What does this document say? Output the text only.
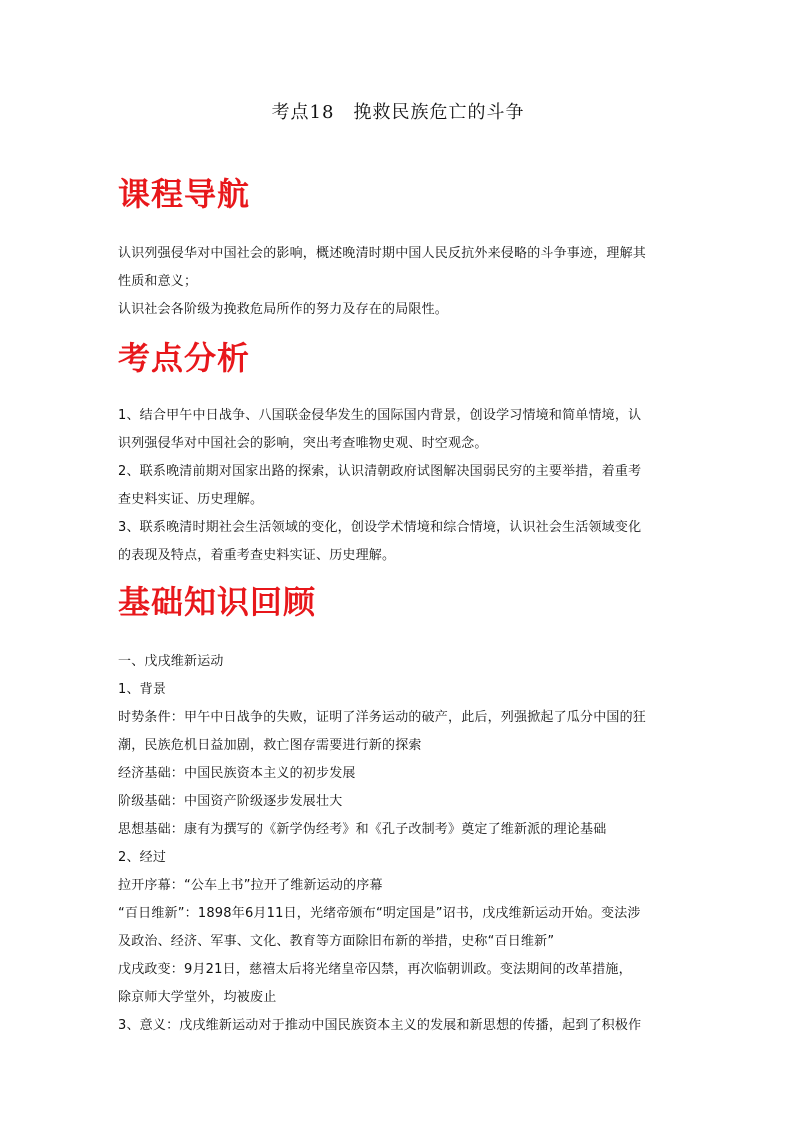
考点18　挽救民族危亡的斗争
课程导航
认识列强侵华对中国社会的影响，概述晚清时期中国人民反抗外来侵略的斗争事迹，理解其
性质和意义；
认识社会各阶级为挽救危局所作的努力及存在的局限性。
考点分析
1、结合甲午中日战争、八国联金侵华发生的国际国内背景，创设学习情境和简单情境，认
识列强侵华对中国社会的影响，突出考查唯物史观、时空观念。
2、联系晚清前期对国家出路的探索，认识清朝政府试图解决国弱民穷的主要举措，着重考
查史料实证、历史理解。
3、联系晚清时期社会生活领域的变化，创设学术情境和综合情境，认识社会生活领域变化
的表现及特点，着重考查史料实证、历史理解。
基础知识回顾
一、戊戌维新运动
1、背景
时势条件：甲午中日战争的失败，证明了洋务运动的破产，此后，列强掀起了瓜分中国的狂
潮，民族危机日益加剧，救亡图存需要进行新的探索
经济基础：中国民族资本主义的初步发展
阶级基础：中国资产阶级逐步发展壮大
思想基础：康有为撰写的《新学伪经考》和《孔子改制考》奠定了维新派的理论基础
2、经过
拉开序幕：“公车上书”拉开了维新运动的序幕
“百日维新”：1898年6月11日，光绪帝颁布“明定国是”诏书，戊戌维新运动开始。变法涉
及政治、经济、军事、文化、教育等方面除旧布新的举措，史称“百日维新”
戊戌政变：9月21日，慈禧太后将光绪皇帝囚禁，再次临朝训政。变法期间的改革措施，
除京师大学堂外，均被废止
3、意义：戊戌维新运动对于推动中国民族资本主义的发展和新思想的传播，起到了积极作
